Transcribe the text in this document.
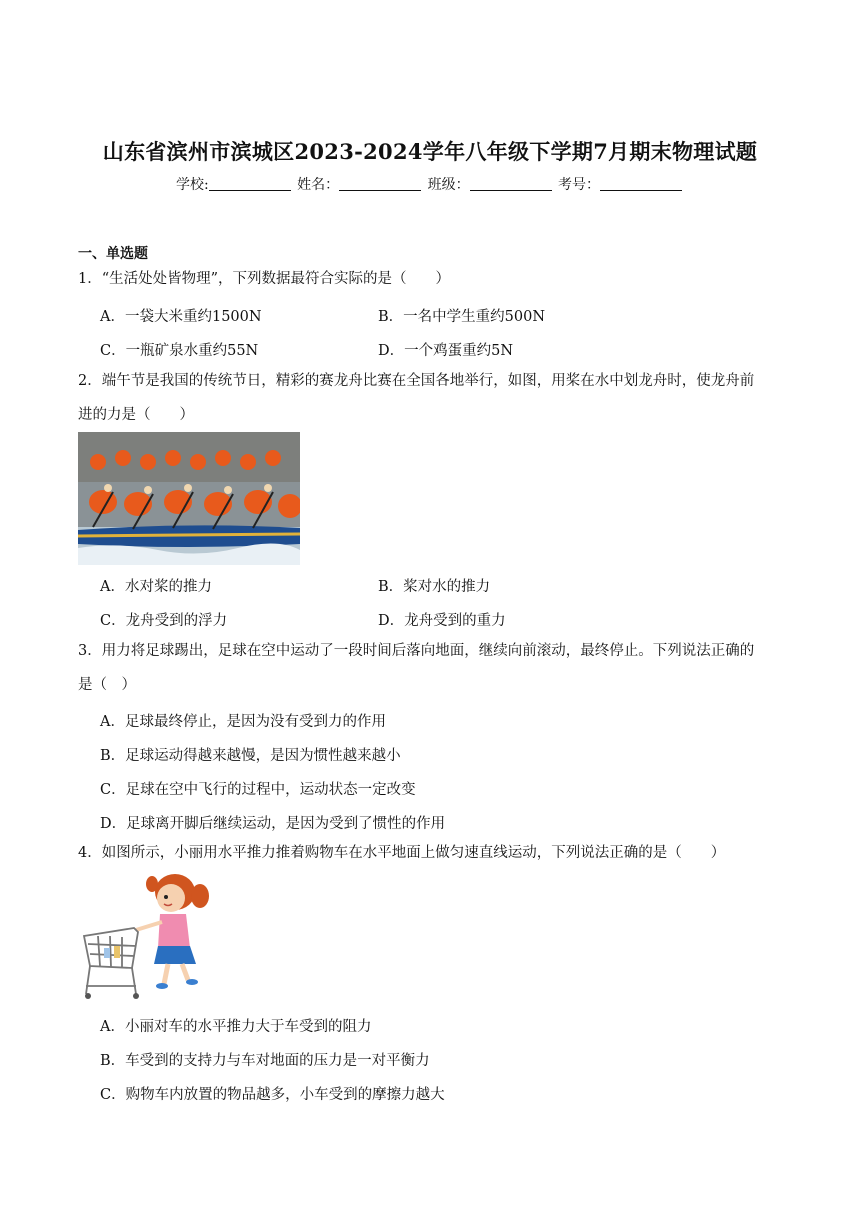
山东省滨州市滨城区2023-2024学年八年级下学期7月期末物理试题
学校:	姓名：	班级：	考号：
一、单选题
1．“生活处处皆物理”，下列数据最符合实际的是（　　）
A．一袋大米重约1500N	B．一名中学生重约500N
C．一瓶矿泉水重约55N	D．一个鸡蛋重约5N
2．端午节是我国的传统节日，精彩的赛龙舟比赛在全国各地举行，如图，用桨在水中划龙舟时，使龙舟前
进的力是（　　）
A．水对桨的推力	B．桨对水的推力
C．龙舟受到的浮力	D．龙舟受到的重力
3．用力将足球踢出，足球在空中运动了一段时间后落向地面，继续向前滚动，最终停止。下列说法正确的
是（　）
A．足球最终停止，是因为没有受到力的作用
B．足球运动得越来越慢，是因为惯性越来越小
C．足球在空中飞行的过程中，运动状态一定改变
D．足球离开脚后继续运动，是因为受到了惯性的作用
4．如图所示，小丽用水平推力推着购物车在水平地面上做匀速直线运动，下列说法正确的是（　　）
A．小丽对车的水平推力大于车受到的阻力
B．车受到的支持力与车对地面的压力是一对平衡力
C．购物车内放置的物品越多，小车受到的摩擦力越大
